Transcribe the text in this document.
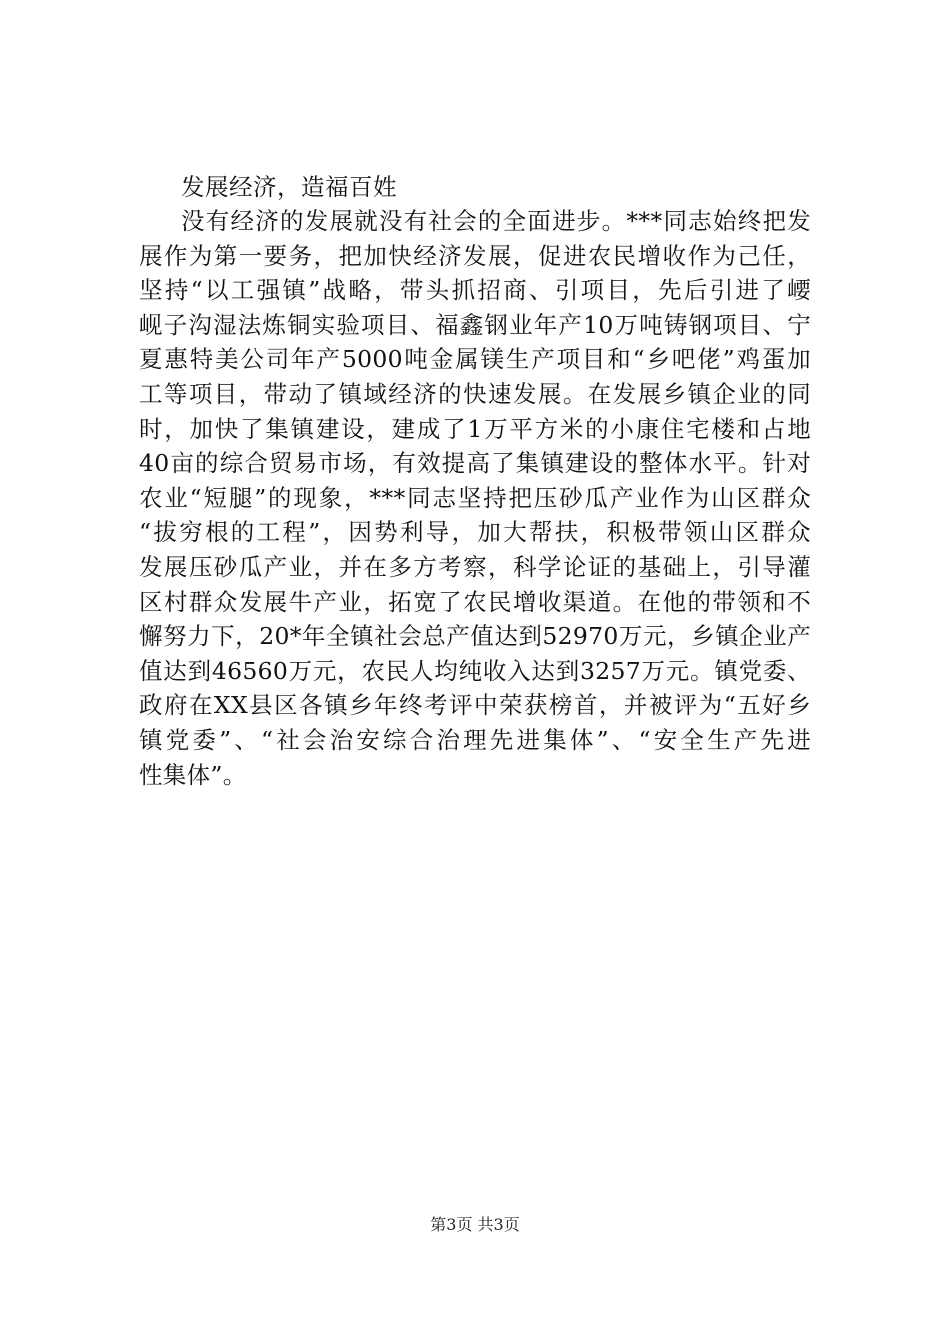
发展经济，造福百姓

没有经济的发展就没有社会的全面进步。***同志始终把发
展作为第一要务，把加快经济发展，促进农民增收作为己任，
坚持“以工强镇”战略，带头抓招商、引项目，先后引进了崾
岘子沟湿法炼铜实验项目、福鑫钢业年产10万吨铸钢项目、宁
夏惠特美公司年产5000吨金属镁生产项目和“乡吧佬”鸡蛋加
工等项目，带动了镇域经济的快速发展。在发展乡镇企业的同
时，加快了集镇建设，建成了1万平方米的小康住宅楼和占地
40亩的综合贸易市场，有效提高了集镇建设的整体水平。针对
农业“短腿”的现象，***同志坚持把压砂瓜产业作为山区群众
“拔穷根的工程”，因势利导，加大帮扶，积极带领山区群众
发展压砂瓜产业，并在多方考察，科学论证的基础上，引导灌
区村群众发展牛产业，拓宽了农民增收渠道。在他的带领和不
懈努力下，20*年全镇社会总产值达到52970万元，乡镇企业产
值达到46560万元，农民人均纯收入达到3257万元。镇党委、
政府在XX县区各镇乡年终考评中荣获榜首，并被评为“五好乡
镇党委”、“社会治安综合治理先进集体”、“安全生产先进
性集体”。
第3页 共3页
